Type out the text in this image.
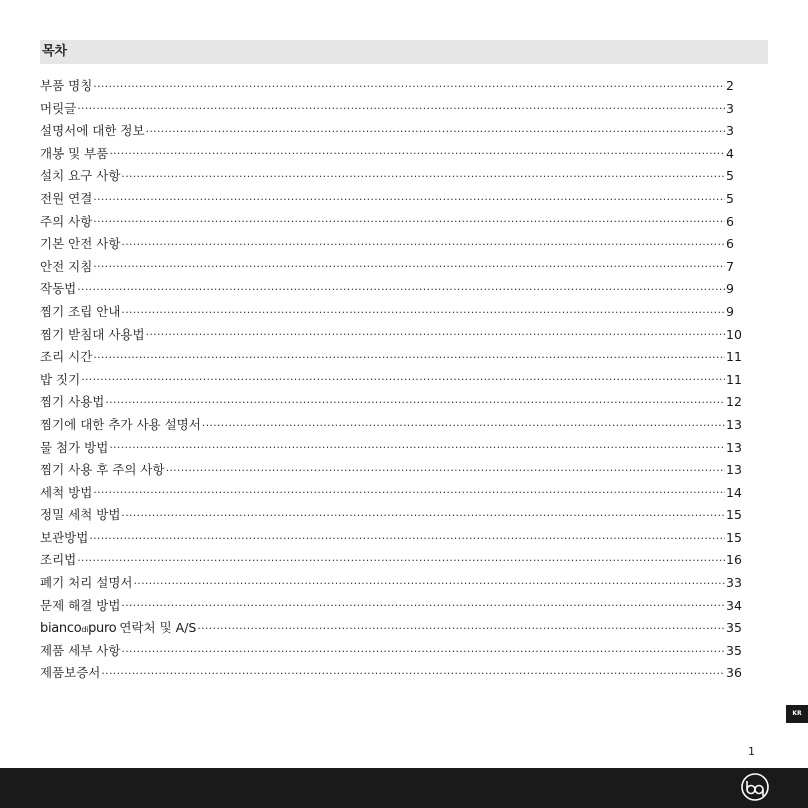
목차
부품 명칭 .....	2
머릿글 .....	3
설명서에 대한 정보 .....	3
개봉 및 부품 .....	4
설치 요구 사항 .....	5
전원 연결 .....	5
주의 사항 .....	6
기본 안전 사항 .....	6
안전 지침 .....	7
작동법 .....	9
찜기 조립 안내 .....	9
찜기 받침대 사용법 .....	10
조리 시간 .....	11
밥 짓기 .....	11
찜기 사용법 .....	12
찜기에 대한 추가 사용 설명서 .....	13
물 첨가 방법 .....	13
찜기 사용 후 주의 사항 .....	13
세척 방법 .....	14
정밀 세척 방법 .....	15
보관방법 .....	15
조리법 .....	16
폐기 처리 설명서 .....	33
문제 해결 방법 .....	34
biancodipuro 연락처 및 A/S .....	35
제품 세부 사항 .....	35
제품보증서 .....	36
KR
1
